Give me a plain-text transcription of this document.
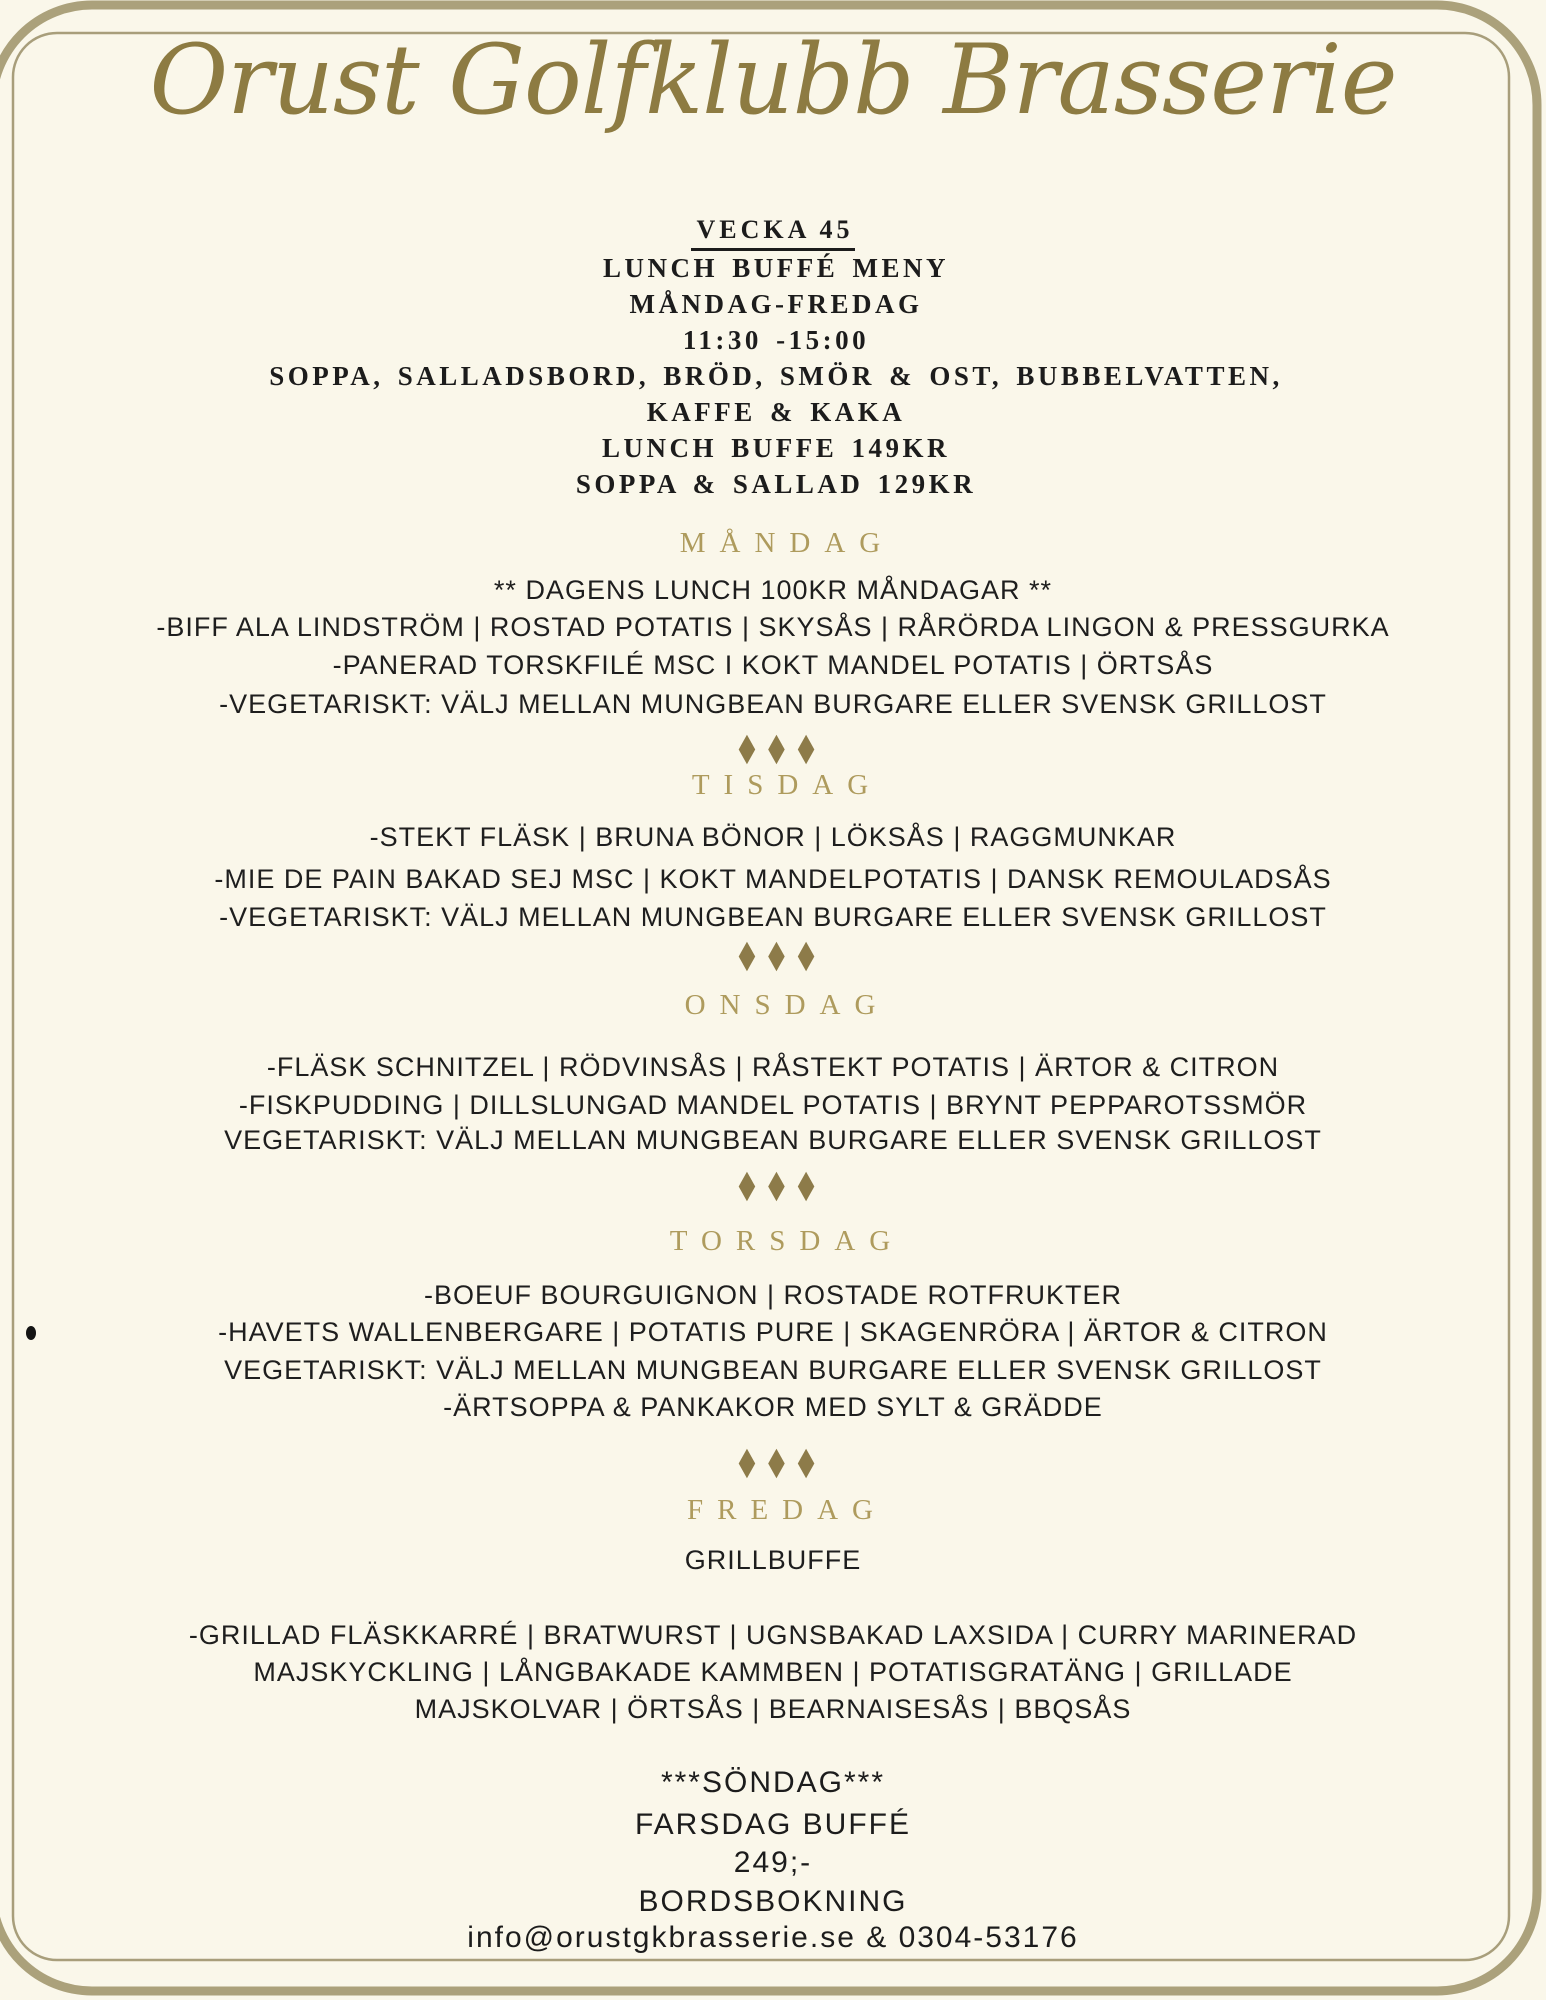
Orust Golfklubb Brasserie
VECKA 45
LUNCH BUFFÉ MENY
MÅNDAG-FREDAG
11:30 -15:00
SOPPA, SALLADSBORD, BRÖD, SMÖR & OST, BUBBELVATTEN,
KAFFE & KAKA
LUNCH BUFFE 149KR
SOPPA & SALLAD 129KR
MÅNDAG
** DAGENS LUNCH 100KR MÅNDAGAR **
-BIFF ALA LINDSTRÖM | ROSTAD POTATIS | SKYSÅS | RÅRÖRDA LINGON & PRESSGURKA
-PANERAD TORSKFILÉ MSC I KOKT MANDEL POTATIS | ÖRTSÅS
-VEGETARISKT: VÄLJ MELLAN MUNGBEAN BURGARE ELLER SVENSK GRILLOST
◆ ◆ ◆
TISDAG
-STEKT FLÄSK | BRUNA BÖNOR | LÖKSÅS | RAGGMUNKAR
-MIE DE PAIN BAKAD SEJ MSC | KOKT MANDELPOTATIS | DANSK REMOULADSÅS
-VEGETARISKT: VÄLJ MELLAN MUNGBEAN BURGARE ELLER SVENSK GRILLOST
◆ ◆ ◆
ONSDAG
-FLÄSK SCHNITZEL | RÖDVINSÅS | RÅSTEKT POTATIS | ÄRTOR & CITRON
-FISKPUDDING | DILLSLUNGAD MANDEL POTATIS | BRYNT PEPPAROTSSMÖR
VEGETARISKT: VÄLJ MELLAN MUNGBEAN BURGARE ELLER SVENSK GRILLOST
◆ ◆ ◆
TORSDAG
-BOEUF BOURGUIGNON | ROSTADE ROTFRUKTER
-HAVETS WALLENBERGARE | POTATIS PURE | SKAGENRÖRA | ÄRTOR & CITRON
VEGETARISKT: VÄLJ MELLAN MUNGBEAN BURGARE ELLER SVENSK GRILLOST
-ÄRTSOPPA & PANKAKOR MED SYLT & GRÄDDE
◆ ◆ ◆
FREDAG
GRILLBUFFE
-GRILLAD FLÄSKKARRÉ | BRATWURST | UGNSBAKAD LAXSIDA | CURRY MARINERAD
MAJSKYCKLING | LÅNGBAKADE KAMMBEN | POTATISGRATÄNG | GRILLADE
MAJSKOLVAR | ÖRTSÅS | BEARNAISESÅS | BBQSÅS
***SÖNDAG***
FARSDAG BUFFÉ
249;-
BORDSBOKNING
info@orustgkbrasserie.se & 0304-53176
